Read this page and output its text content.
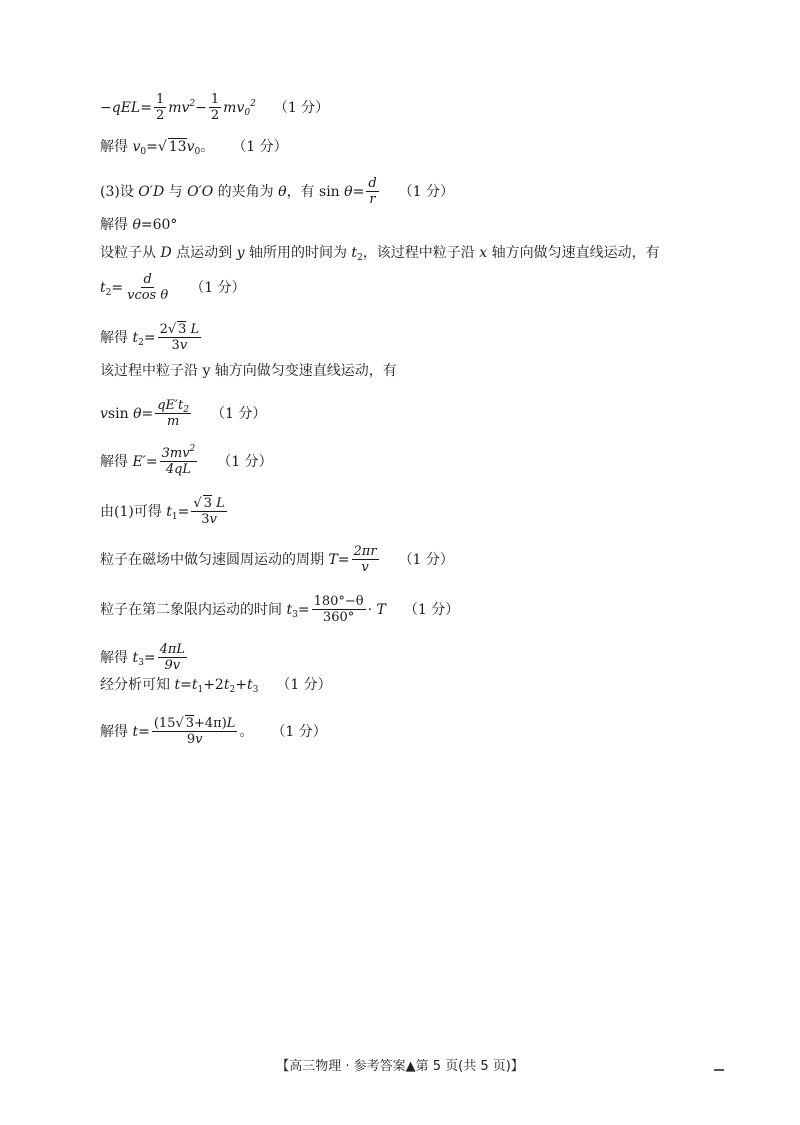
$-qEL= \frac{1}{2} mv^2 - \frac{1}{2} mv_0^2$ （1 分）
解得 $v_0=√$ $13v_0$。 （1 分）
(3)设 O′D 与 O′O 的夹角为 θ，有 $\sin \theta= \frac{d}{r} (1$ 分）
解得 θ=60°
设粒子从 D 点运动到 y 轴所用的时间为 $t_2$，该过程中粒子沿 x 轴方向做匀速直线运动，有
$t_2= \frac{d}{\text{vcos θ}} (1$ 分）
解得 $t_2= \frac{2√ 3 L}{3v}$
该过程中粒子沿 y 轴方向做匀变速直线运动，有
vsin $\theta= \frac{qE't_2}{m} (1$ 分）
解得 $E'= \frac{3mv^2}{4qL} (1$ 分）
由(1)可得 $t_1= \frac{√ 3 L}{3v}$
粒子在磁场中做匀速圆周运动的周期 $T= \frac{2\pi r}{v} (1$ 分）
粒子在第二象限内运动的时间 $t_3= \frac{180^\circ-\theta}{360^\circ} \cdot T$ （1 分）
解得 $t_3= \frac{4\pi L}{9v}$
经分析可知 $t=t_1+2t_2+t_3$ （1 分）
解得 $t= \frac{(15√ 3+4\pi)L}{9v}$ 。 （1 分）
【高三物理 · 参考答案▲第 5 页(共 5 页)】
